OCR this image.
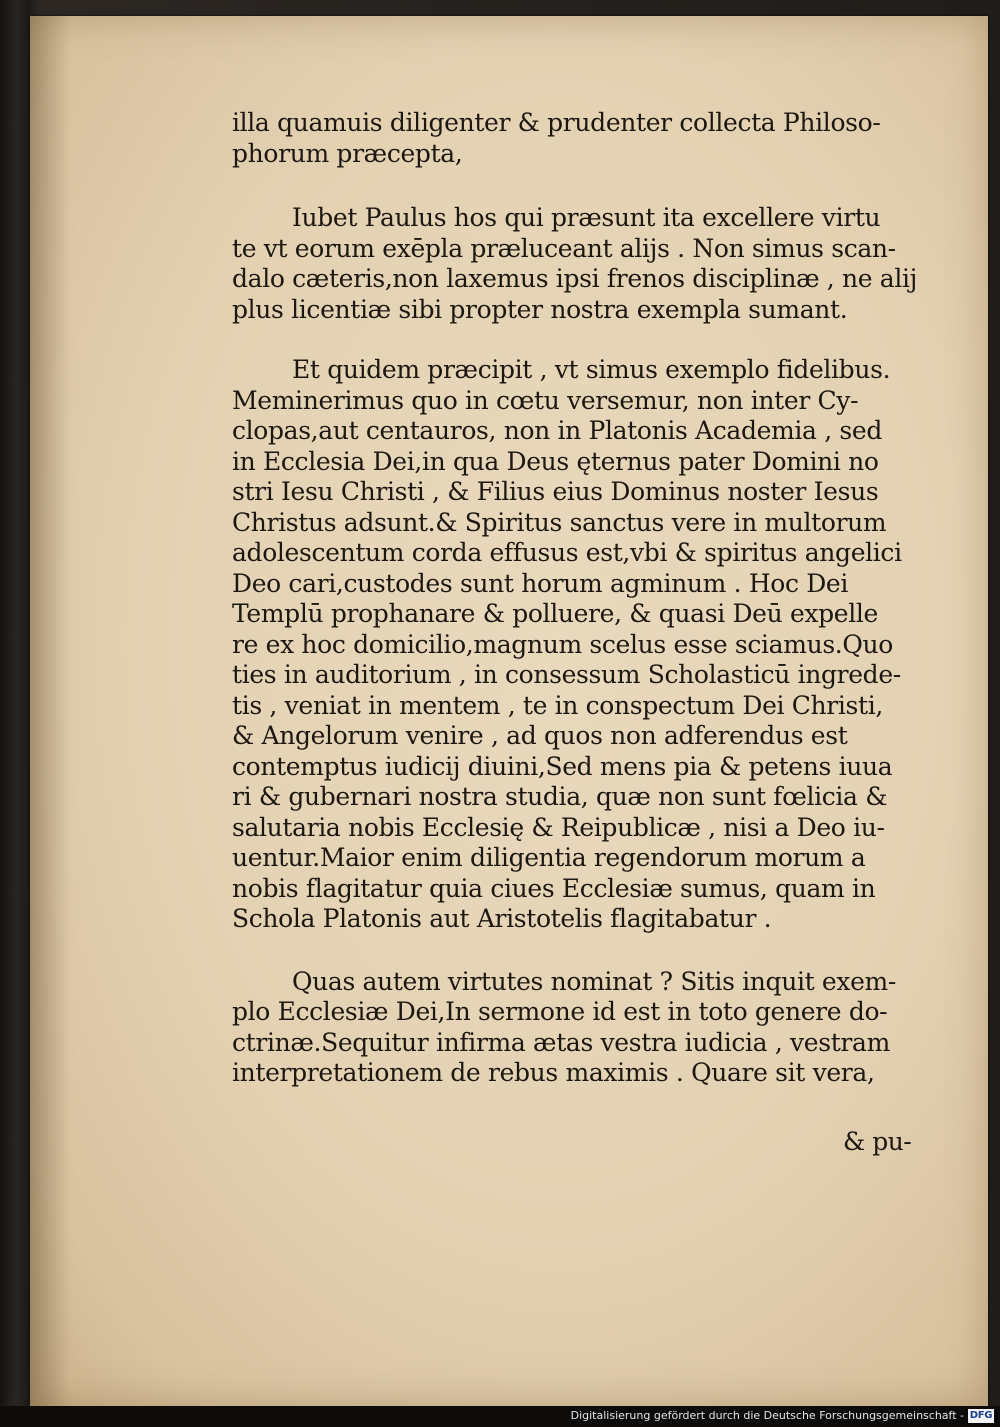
illa quamuis diligenter & prudenter collecta Philoso-
phorum præcepta,

Iubet Paulus hos qui præsunt ita excellere virtu
te vt eorum exēpla præluceant alijs . Non simus scan-
dalo cæteris,non laxemus ipsi frenos disciplinæ , ne alij
plus licentiæ sibi propter nostra exempla sumant.

Et quidem præcipit , vt simus exemplo fidelibus.
Meminerimus quo in cœtu versemur, non inter Cy-
clopas,aut centauros, non in Platonis Academia , sed
in Ecclesia Dei,in qua Deus ęternus pater Domini no
stri Iesu Christi , & Filius eius Dominus noster Iesus
Christus adsunt.& Spiritus sanctus vere in multorum
adolescentum corda effusus est,vbi & spiritus angelici
Deo cari,custodes sunt horum agminum . Hoc Dei
Templū prophanare & polluere, & quasi Deū expelle
re ex hoc domicilio,magnum scelus esse sciamus.Quo
ties in auditorium , in consessum Scholasticū ingrede-
tis , veniat in mentem , te in conspectum Dei Christi,
& Angelorum venire , ad quos non adferendus est
contemptus iudicij diuini,Sed mens pia & petens iuua
ri & gubernari nostra studia, quæ non sunt fœlicia &
salutaria nobis Ecclesię & Reipublicæ , nisi a Deo iu-
uentur.Maior enim diligentia regendorum morum a
nobis flagitatur quia ciues Ecclesiæ sumus, quam in
Schola Platonis aut Aristotelis flagitabatur .

Quas autem virtutes nominat ? Sitis inquit exem-
plo Ecclesiæ Dei,In sermone id est in toto genere do-
ctrinæ.Sequitur infirma ætas vestra iudicia , vestram
interpretationem de rebus maximis . Quare sit vera,

& pu-
Digitalisierung gefördert durch die Deutsche Forschungsgemeinschaft - DFG
